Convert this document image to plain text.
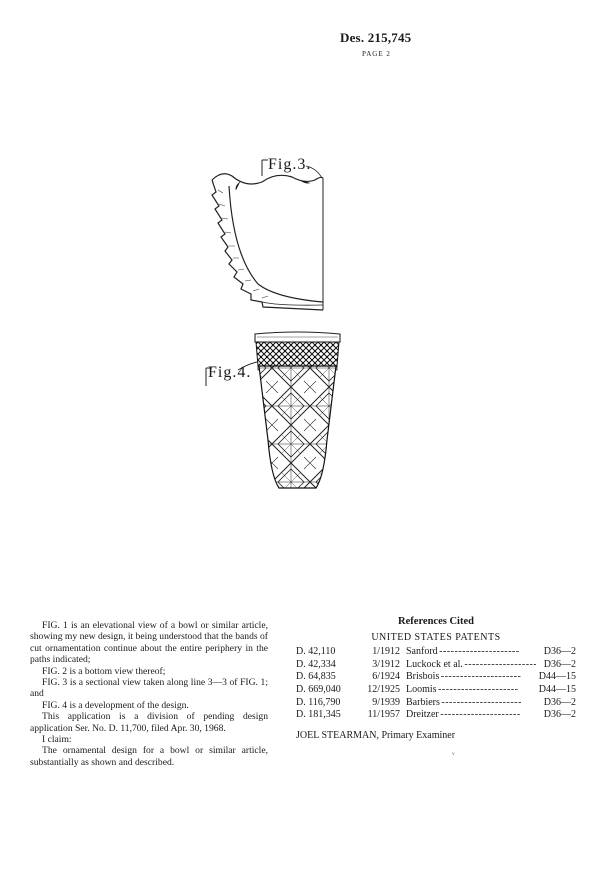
Des. 215,745
PAGE 2
Fig.3.
Fig.4.

FIG. 1 is an elevational view of a bowl or similar article, showing my new design, it being understood that the bands of cut ornamentation continue about the entire periphery in the paths indicated;

FIG. 2 is a bottom view thereof;

FIG. 3 is a sectional view taken along line 3—3 of FIG. 1; and

FIG. 4 is a development of the design.

This application is a division of pending design application Ser. No. D. 11,700, filed Apr. 30, 1968.

I claim:

The ornamental design for a bowl or similar article, substantially as shown and described.

References Cited
UNITED STATES PATENTS
D. 42,110	1/1912 Sanford - - -	D36—2
D. 42,334	3/1912 Luckock et al. - - -	D36—2
D. 64,835	6/1924 Brisbois - - -	D44—15
D. 669,040	12/1925 Loomis - - -	D44—15
D. 116,790	9/1939 Barbiers - - -	D36—2
D. 181,345	11/1957 Dreitzer - - -	D36—2
JOEL STEARMAN, Primary Examiner
ᵥ
